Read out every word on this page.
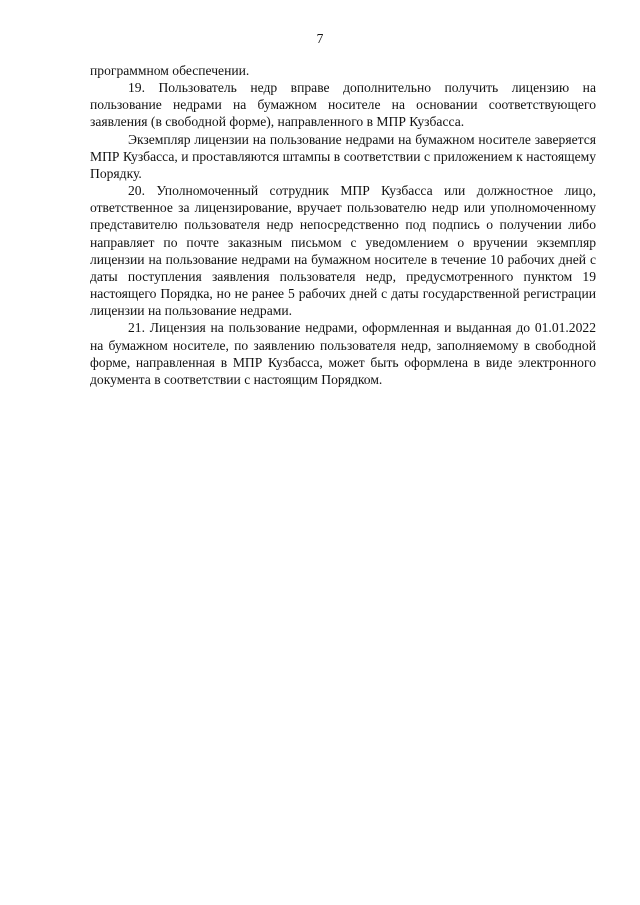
7

программном обеспечении.

19. Пользователь недр вправе дополнительно получить лицензию на пользование недрами на бумажном носителе на основании соответствующего заявления (в свободной форме), направленного в МПР Кузбасса.

Экземпляр лицензии на пользование недрами на бумажном носителе заверяется МПР Кузбасса, и проставляются штампы в соответствии с приложением к настоящему Порядку.

20. Уполномоченный сотрудник МПР Кузбасса или должностное лицо, ответственное за лицензирование, вручает пользователю недр или уполномоченному представителю пользователя недр непосредственно под подпись о получении либо направляет по почте заказным письмом с уведомлением о вручении экземпляр лицензии на пользование недрами на бумажном носителе в течение 10 рабочих дней с даты поступления заявления пользователя недр, предусмотренного пунктом 19 настоящего Порядка, но не ранее 5 рабочих дней с даты государственной регистрации лицензии на пользование недрами.

21. Лицензия на пользование недрами, оформленная и выданная до 01.01.2022 на бумажном носителе, по заявлению пользователя недр, заполняемому в свободной форме, направленная в МПР Кузбасса, может быть оформлена в виде электронного документа в соответствии с настоящим Порядком.
